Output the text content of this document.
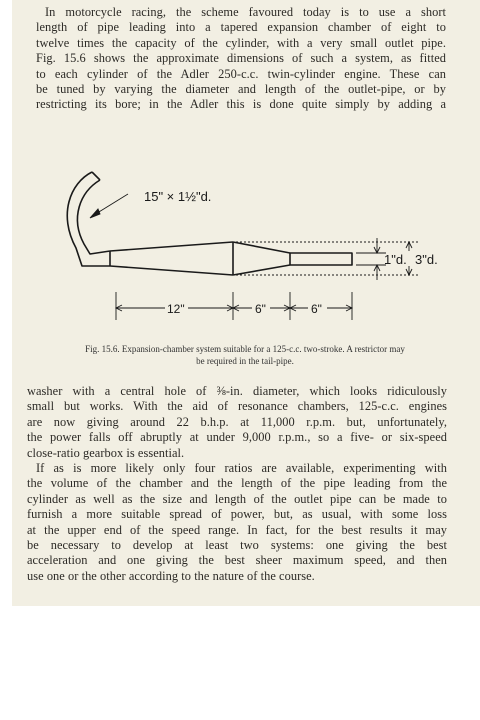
In motorcycle racing, the scheme favoured today is to use a short
length of pipe leading into a tapered expansion chamber of eight to
twelve times the capacity of the cylinder, with a very small outlet pipe.
Fig. 15.6 shows the approximate dimensions of such a system, as fitted
to each cylinder of the Adler 250-c.c. twin-cylinder engine. These can
be tuned by varying the diameter and length of the outlet-pipe, or by
restricting its bore; in the Adler this is done quite simply by adding a

15" × 1½"d.
1"d. 3"d.
12"	6"	6"
Fig. 15.6. Expansion-chamber system suitable for a 125-c.c. two-stroke. A restrictor may
be required in the tail-pipe.

washer with a central hole of ⅜-in. diameter, which looks ridiculously
small but works. With the aid of resonance chambers, 125-c.c. engines
are now giving around 22 b.h.p. at 11,000 r.p.m. but, unfortunately,
the power falls off abruptly at under 9,000 r.p.m., so a five- or six-speed
close-ratio gearbox is essential.

If as is more likely only four ratios are available, experimenting with
the volume of the chamber and the length of the pipe leading from the
cylinder as well as the size and length of the outlet pipe can be made to
furnish a more suitable spread of power, but, as usual, with some loss
at the upper end of the speed range. In fact, for the best results it may
be necessary to develop at least two systems: one giving the best
acceleration and one giving the best sheer maximum speed, and then
use one or the other according to the nature of the course.
